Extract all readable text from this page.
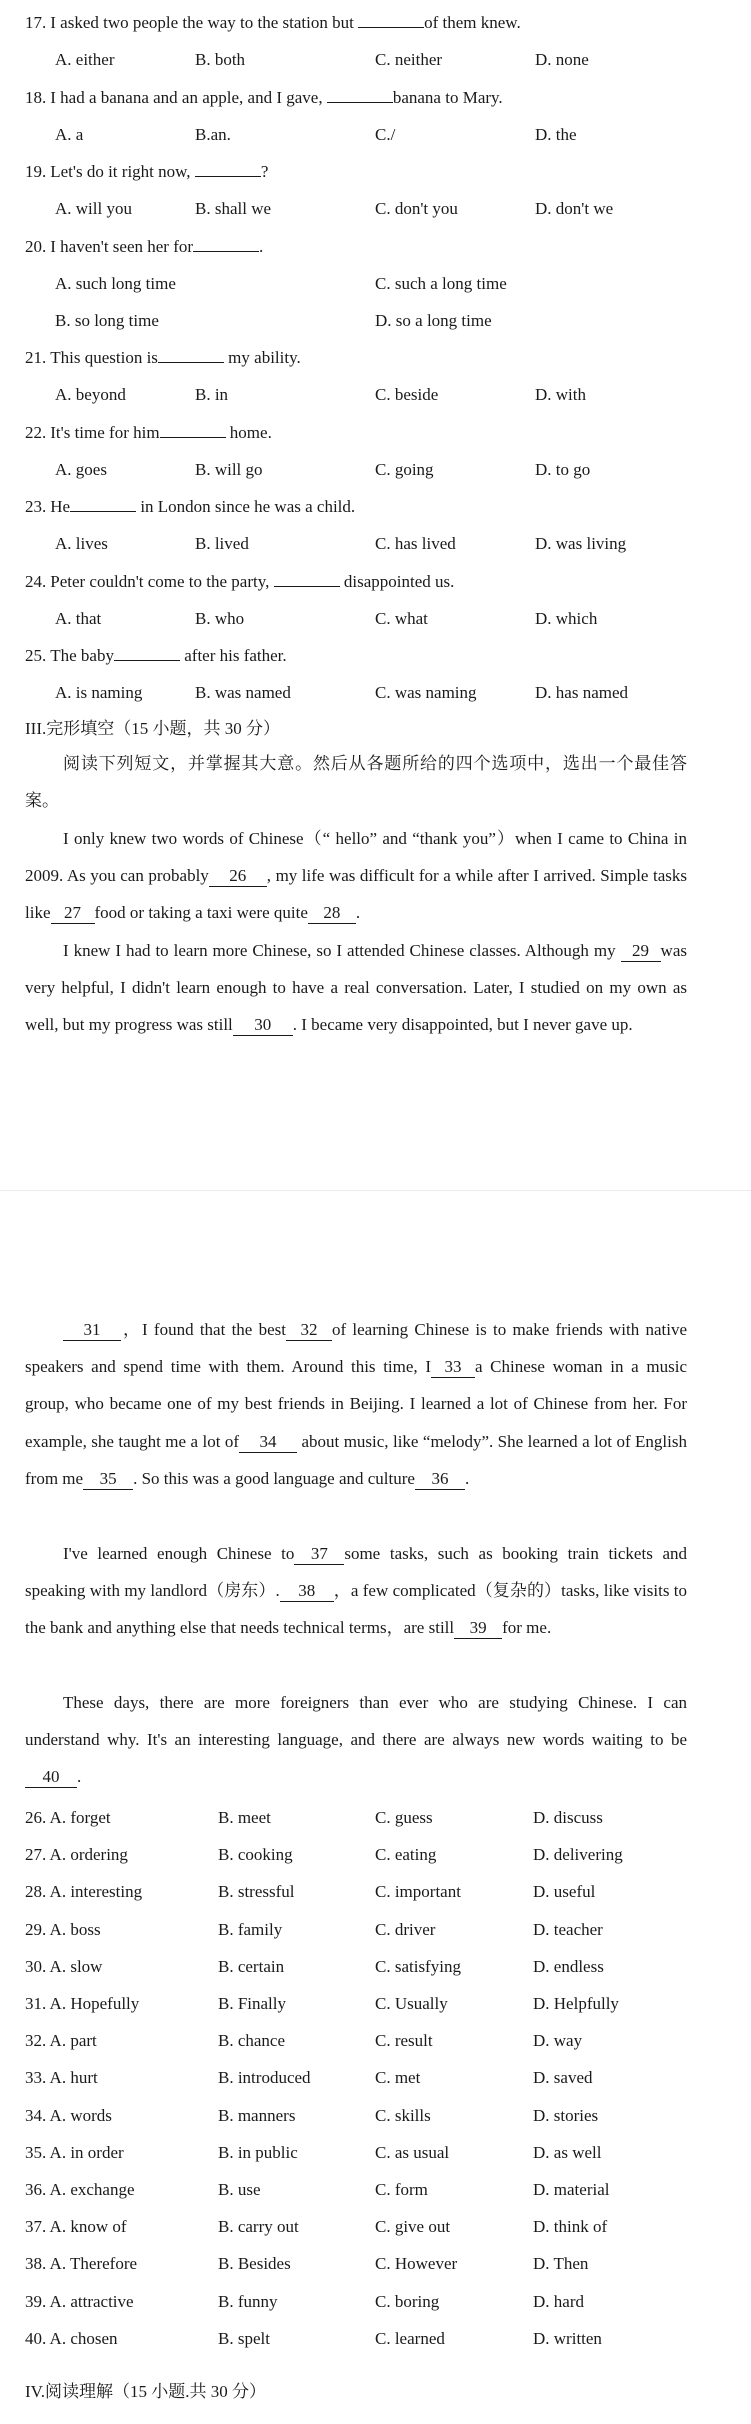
17. I asked two people the way to the station but	of them knew.
A. either	B. both	C. neither	D. none
18. I had a banana and an apple, and I gave,	banana to Mary.
A. a	B.an.	C./	D. the
19. Let's do it right now,	?
A. will you	B. shall we	C. don't you	D. don't we
20. I haven't seen her for	.
A. such long time	C. such a long time
B. so long time	D. so a long time
21. This question is	my ability.
A. beyond	B. in	C. beside	D. with
22. It's time for him	home.
A. goes	B. will go	C. going	D. to go
23. He	in London since he was a child.
A. lives	B. lived	C. has lived	D. was living
24. Peter couldn't come to the party,	disappointed us.
A. that	B. who	C. what	D. which
25. The baby	after his father.
A. is naming	B. was named	C. was naming	D. has named
III.完形填空（15 小题，共 30 分）

阅读下列短文，并掌握其大意。然后从各题所给的四个选项中，选出一个最佳答案。

I only knew two words of Chinese（“ hello” and “thank you”）when I came to China in 2009. As you can probably 26 , my life was difficult for a while after I arrived. Simple tasks like 27 food or taking a taxi were quite 28 .

I knew I had to learn more Chinese, so I attended Chinese classes. Although my 29 was very helpful, I didn't learn enough to have a real conversation. Later, I studied on my own as well, but my progress was still 30 . I became very disappointed, but I never gave up.

31 ，I found that the best 32 of learning Chinese is to make friends with native speakers and spend time with them. Around this time, I 33 a Chinese woman in a music group, who became one of my best friends in Beijing. I learned a lot of Chinese from her. For example, she taught me a lot of 34 about music, like “melody”. She learned a lot of English from me 35 . So this was a good language and culture 36 .

I've learned enough Chinese to 37 some tasks, such as booking train tickets and speaking with my landlord（房东）. 38 ，a few complicated（复杂的）tasks, like visits to the bank and anything else that needs technical terms，are still 39 for me.

These days, there are more foreigners than ever who are studying Chinese. I can understand why. It's an interesting language, and there are always new words waiting to be40 .

26. A. forget	B. meet	C. guess	D. discuss
27. A. ordering	B. cooking	C. eating	D. delivering
28. A. interesting	B. stressful	C. important	D. useful
29. A. boss	B. family	C. driver	D. teacher
30. A. slow	B. certain	C. satisfying	D. endless
31. A. Hopefully	B. Finally	C. Usually	D. Helpfully
32. A. part	B. chance	C. result	D. way
33. A. hurt	B. introduced	C. met	D. saved
34. A. words	B. manners	C. skills	D. stories
35. A. in order	B. in public	C. as usual	D. as well
36. A. exchange	B. use	C. form	D. material
37. A. know of	B. carry out	C. give out	D. think of
38. A. Therefore	B. Besides	C. However	D. Then
39. A. attractive	B. funny	C. boring	D. hard
40. A. chosen	B. spelt	C. learned	D. written
IV.阅读理解（15 小题.共 30 分）
